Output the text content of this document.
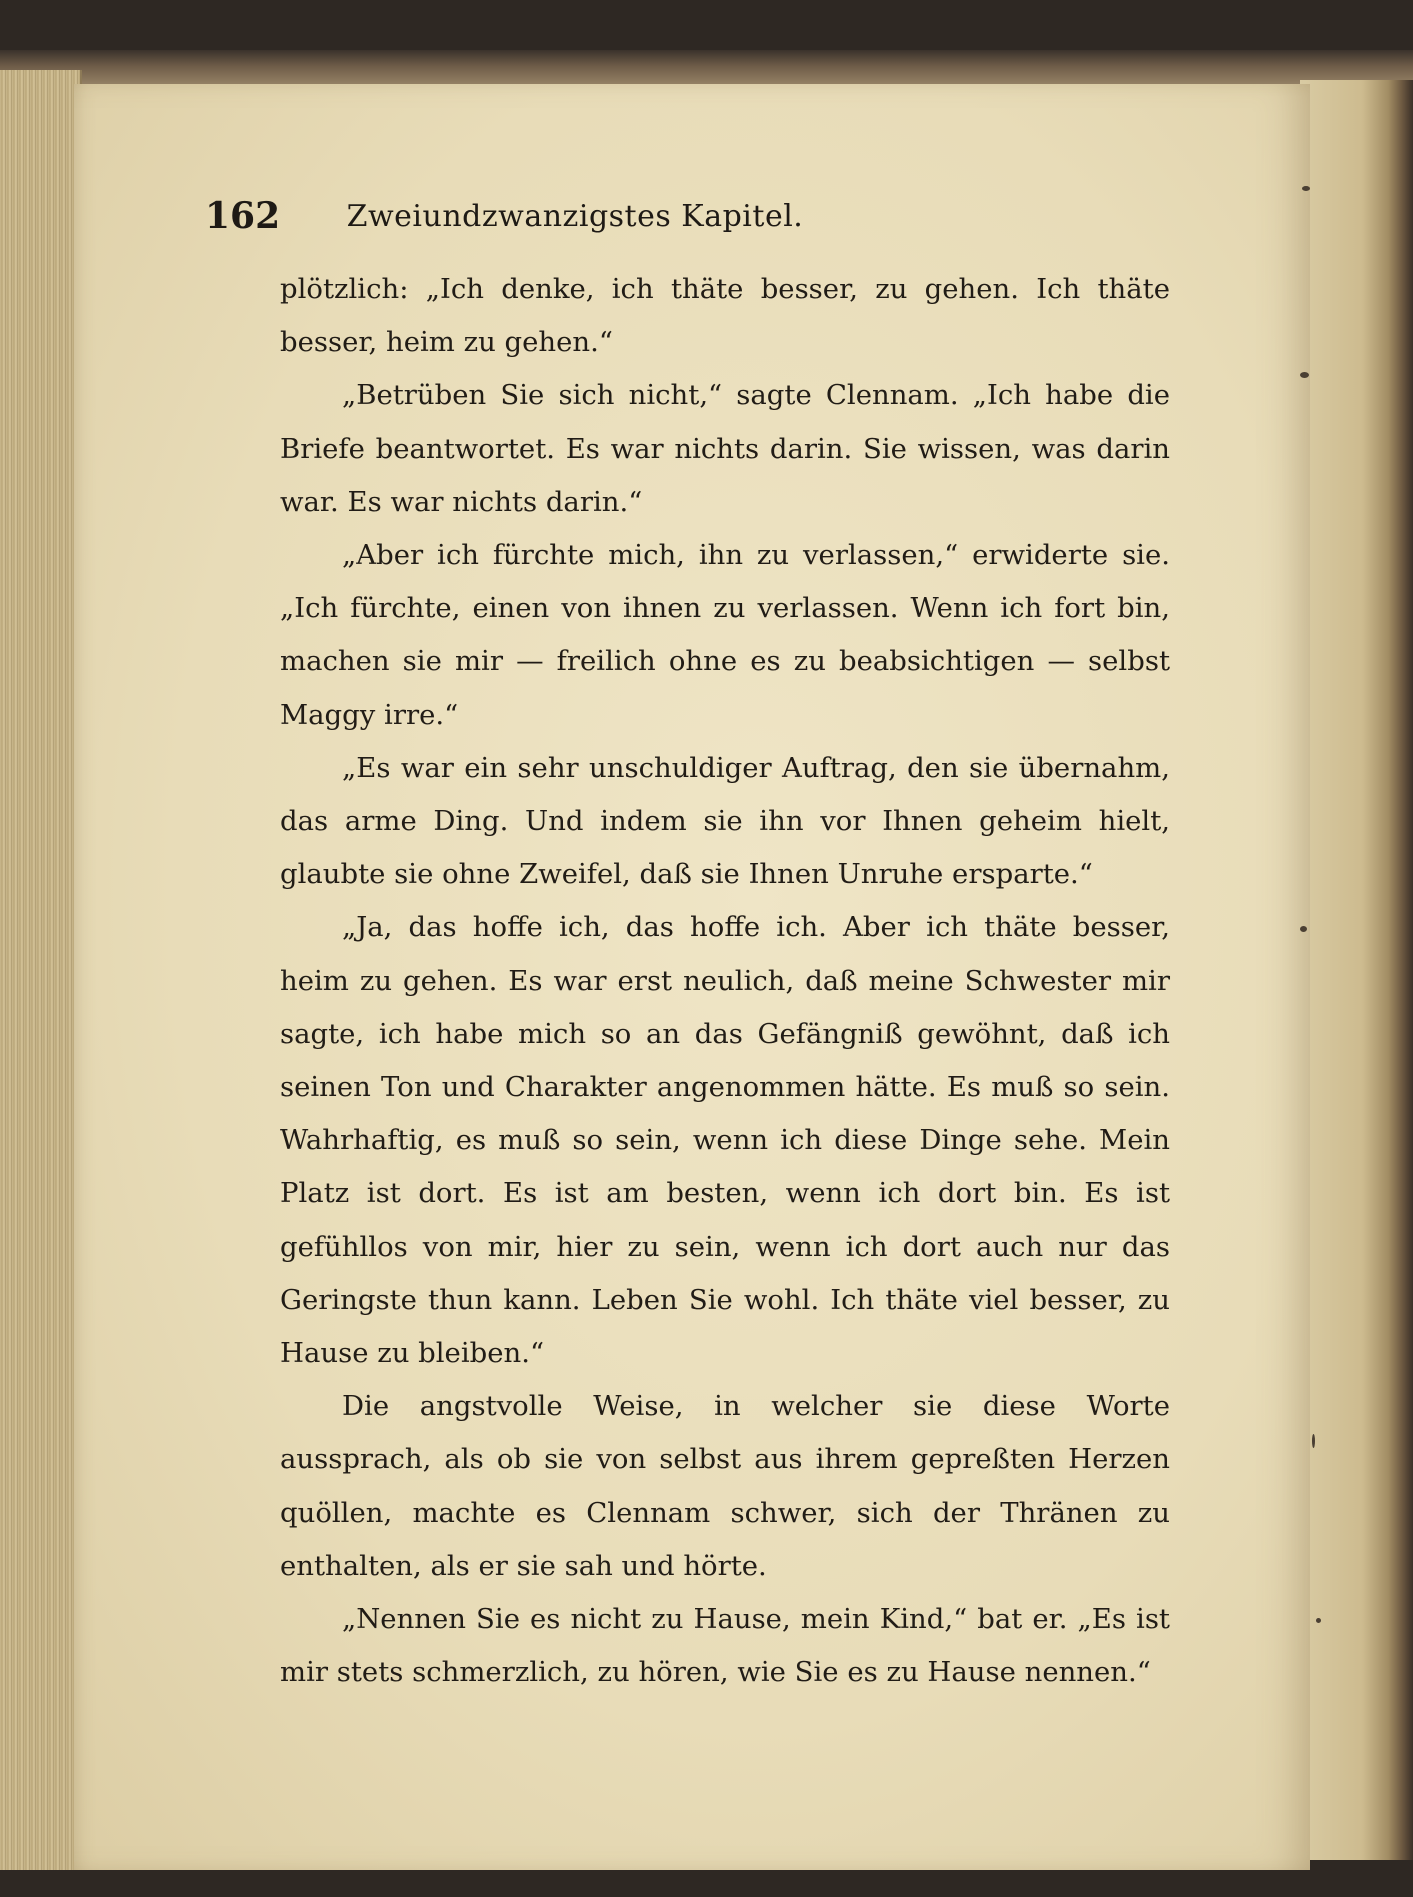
162	Zweiundzwanzigstes Kapitel.

plötzlich: „Ich denke, ich thäte besser, zu gehen. Ich thäte besser, heim zu gehen.“

„Betrüben Sie sich nicht,“ sagte Clennam. „Ich habe die Briefe beantwortet. Es war nichts darin. Sie wissen, was darin war. Es war nichts darin.“

„Aber ich fürchte mich, ihn zu verlassen,“ erwiderte sie. „Ich fürchte, einen von ihnen zu verlassen. Wenn ich fort bin, machen sie mir — freilich ohne es zu beabsichtigen — selbst Maggy irre.“

„Es war ein sehr unschuldiger Auftrag, den sie übernahm, das arme Ding. Und indem sie ihn vor Ihnen geheim hielt, glaubte sie ohne Zweifel, daß sie Ihnen Unruhe ersparte.“

„Ja, das hoffe ich, das hoffe ich. Aber ich thäte besser, heim zu gehen. Es war erst neulich, daß meine Schwester mir sagte, ich habe mich so an das Gefängniß gewöhnt, daß ich seinen Ton und Charakter angenommen hätte. Es muß so sein. Wahrhaftig, es muß so sein, wenn ich diese Dinge sehe. Mein Platz ist dort. Es ist am besten, wenn ich dort bin. Es ist gefühllos von mir, hier zu sein, wenn ich dort auch nur das Geringste thun kann. Leben Sie wohl. Ich thäte viel besser, zu Hause zu bleiben.“

Die angstvolle Weise, in welcher sie diese Worte aussprach, als ob sie von selbst aus ihrem gepreßten Herzen quöllen, machte es Clennam schwer, sich der Thränen zu enthalten, als er sie sah und hörte.

„Nennen Sie es nicht zu Hause, mein Kind,“ bat er. „Es ist mir stets schmerzlich, zu hören, wie Sie es zu Hause nennen.“
